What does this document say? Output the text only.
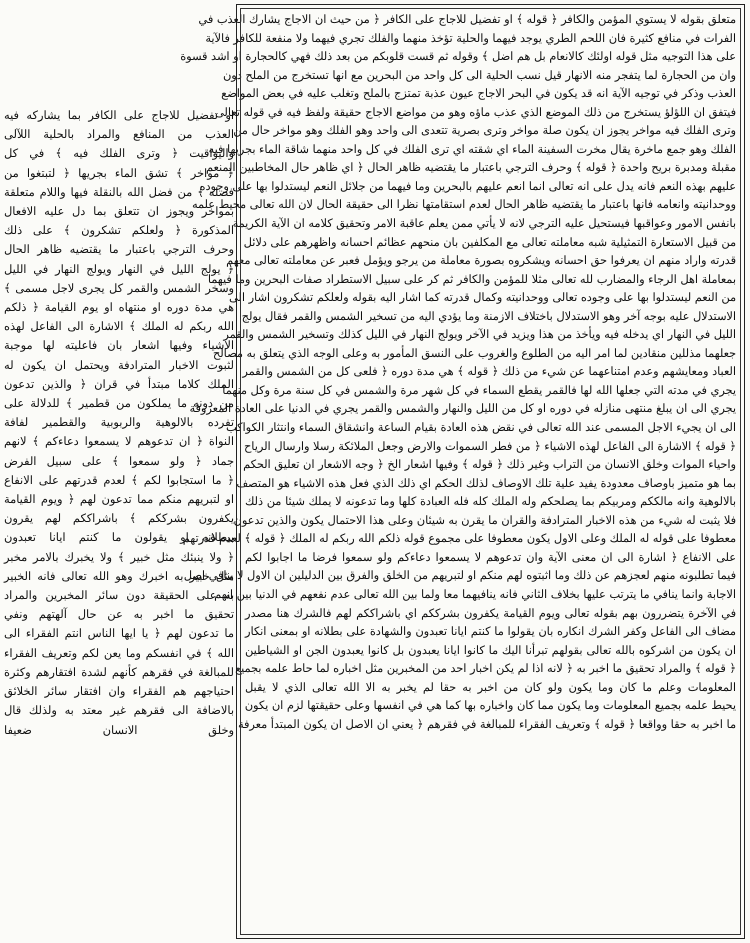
او تفضيل للاجاج على الكافر بما يشاركه فيه
العذب من المنافع والمراد بالحلية اللآلى
واليواقيت ﴿ وترى الفلك فيه ﴾ في كل
﴿ مواخر ﴾ تشق الماء بجريها ﴿ لتبتغوا من
فضله ﴾ من فضل الله بالنقلة فيها واللام متعلقة
بمواخر ويجوز ان تتعلق بما دل عليه الافعال
المذكورة ﴿ ولعلكم تشكرون ﴾ على ذلك
وحرف الترجي باعتبار ما يقتضيه ظاهر الحال
﴿ يولج الليل في النهار ويولج النهار في الليل
وسخر الشمس والقمر كل يجرى لاجل مسمى ﴾
هي مدة دوره او منتهاه او يوم القيامة ﴿ ذلكم
الله ربكم له الملك ﴾ الاشارة الى الفاعل لهذه
الاشياء وفيها اشعار بان فاعليته لها موجبة
لثبوت الاخبار المترادفة ويحتمل ان يكون له
الملك كلاما مبتدأ في قران ﴿ والذين تدعون
من دونه ما يملكون من قطمير ﴾ للدلالة على
تفرده بالالوهية والربوبية والقطمير لفافة
النواة ﴿ ان تدعوهم لا يسمعوا دعاءكم ﴾ لانهم
جماد ﴿ ولو سمعوا ﴾ على سبيل الفرض
﴿ ما استجابوا لكم ﴾ لعدم قدرتهم على الانفاع
او لتبريهم منكم مما تدعون لهم ﴿ ويوم القيامة
يكفرون بشرككم ﴾ باشراككم لهم يقرون
ببطلانه او يقولون ما كنتم ايانا تعبدون
﴿ ولا ينبئك مثل خبير ﴾ ولا يخبرك بالامر مخبر
مثل خبير به اخبرك وهو الله تعالى فانه الخبير
به على الحقيقة دون سائر المخبرين والمراد
تحقيق ما اخبر به عن حال آلهتهم ونفي
ما تدعون لهم ﴿ يا ايها الناس انتم الفقراء الى
الله ﴾ في انفسكم وما يعن لكم وتعريف الفقراء
للمبالغة في فقرهم كأنهم لشدة افتقارهم وكثرة
احتياجهم هم الفقراء وان افتقار سائر الخلائق
بالاضافة الى فقرهم غير معتد به ولذلك قال
وخلق الانسان ضعيفا
متعلق بقوله لا يستوي المؤمن والكافر ﴿ قوله ﴾ او تفضيل للاجاج على الكافر ﴿ من حيث ان الاجاج يشارك العذب في
الفرات في منافع كثيرة فان اللحم الطري يوجد فيهما والحلية تؤخذ منهما والفلك تجري فيهما ولا منفعة للكافر فالآية
على هذا التوجيه مثل قوله اولئك كالانعام بل هم اضل ﴾ وقوله ثم قست قلوبكم من بعد ذلك فهي كالحجارة او اشد قسوة
وان من الحجارة لما يتفجر منه الانهار قيل نسب الحلية الى كل واحد من البحرين مع انها تستخرج من الملح دون
العذب وذكر في توجيه الآية انه قد يكون في البحر الاجاج عيون عذبة تمتزج بالملح وتغلب عليه في بعض المواضع
فيتفق ان اللؤلؤ يستخرج من ذلك الموضع الذي عذب ماؤه وهو من مواضع الاجاج حقيقة ولفظ فيه في قوله تعالى
وترى الفلك فيه مواخر يجوز ان يكون صلة مواخر وترى بصرية تتعدى الى واحد وهو الفلك وهو مواخر حال من
الفلك وهو جمع ماخرة يقال مخرت السفينة الماء اي شقته اي ترى الفلك في كل واحد منهما شاقة الماء بجريها فيه
مقبلة ومدبرة بريح واحدة ﴿ قوله ﴾ وحرف الترجي باعتبار ما يقتضيه ظاهر الحال ﴿ اي ظاهر حال المخاطبين المنعم
عليهم بهذه النعم فانه يدل على انه تعالى انما انعم عليهم بالبحرين وما فيهما من جلائل النعم ليستدلوا بها على وجوده
ووحدانيته وانعامه فانها باعتبار ما يقتضيه ظاهر الحال لعدم استقامتها نظرا الى حقيقة الحال لان الله تعالى محيط علمه
بانفس الامور وعواقبها فيستحيل عليه الترجي لانه لا يأتي ممن يعلم عاقبة الامر وتحقيق كلامه ان الآية الكريمة
من قبيل الاستعارة التمثيلية شبه معاملته تعالى مع المكلفين بان منحهم عظائم احسانه واظهرهم على دلائل
قدرته واراد منهم ان يعرفوا حق احسانه ويشكروه بصورة معاملة من يرجو ويؤمل فعبر عن معاملته تعالى معهم
بمعاملة اهل الرجاء والمضارب لله تعالى مثلا للمؤمن والكافر ثم كر على سبيل الاستطراد صفات البحرين وما فيهما
من النعم ليستدلوا بها على وجوده تعالى ووحدانيته وكمال قدرته كما اشار اليه بقوله ولعلكم تشكرون اشار الى
الاستدلال عليه بوجه آخر وهو الاستدلال باختلاف الازمنة وما يؤدي اليه من تسخير الشمس والقمر فقال يولج
الليل في النهار اي يدخله فيه ويأخذ من هذا ويزيد في الآخر ويولج النهار في الليل كذلك وتسخير الشمس والقمر
جعلهما مذللين منقادين لما امر اليه من الطلوع والغروب على النسق المأمور به وعلى الوجه الذي يتعلق به مصالح
العباد ومعايشهم وعدم امتناعهما عن شيء من ذلك ﴿ قوله ﴾ هي مدة دوره ﴿ فلعى كل من الشمس والقمر
يجري في مدته التي جعلها الله لها فالقمر يقطع السماء في كل شهر مرة والشمس في كل سنة مرة وكل منهما
يجري الى ان يبلغ منتهى منازله في دوره او كل من الليل والنهار والشمس والقمر يجري في الدنيا على العادة المعروفة
الى ان يجيء الاجل المسمى عند الله تعالى في نقض هذه العادة بقيام الساعة وانشقاق السماء وانتثار الكواكب
﴿ قوله ﴾ الاشارة الى الفاعل لهذه الاشياء ﴿ من فطر السموات والارض وجعل الملائكة رسلا وارسال الرياح
واحياء الموات وخلق الانسان من التراب وغير ذلك ﴿ قوله ﴾ وفيها اشعار الخ ﴿ وجه الاشعار ان تعليق الحكم
بما هو متميز باوصاف معدودة يفيد علية تلك الاوصاف لذلك الحكم اي ذلك الذي فعل هذه الاشياء هو المتصف
بالالوهية وانه مالككم ومربيكم بما يصلحكم وله الملك كله فله العبادة كلها وما تدعونه لا يملك شيئا من ذلك
فلا يثبت له شيء من هذه الاخبار المترادفة والقران ما يقرن به شيئان وعلى هذا الاحتمال يكون والذين تدعون
معطوفا على قوله له الملك وعلى الاول يكون معطوفا على مجموع قوله ذلكم الله ربكم له الملك ﴿ قوله ﴾ لعدم قدرتهم
على الانفاع ﴿ اشارة الى ان معنى الآية وان تدعوهم لا يسمعوا دعاءكم ولو سمعوا فرضا ما اجابوا لكم
فيما تطلبونه منهم لعجزهم عن ذلك وما اثبتوه لهم منكم او لتبريهم من الخلق والفرق بين الدليلين ان الاول لا ينافي اصل
الاجابة وانما ينافي ما يترتب عليها بخلاف الثاني فانه ينافيهما معا ولما بين الله تعالى عدم نفعهم في الدنيا بين انهم
في الآخرة يتضررون بهم بقوله تعالى ويوم القيامة يكفرون بشرككم اي باشراككم لهم فالشرك هنا مصدر
مضاف الى الفاعل وكفر الشرك انكاره بان يقولوا ما كنتم ايانا تعبدون والشهادة على بطلانه او بمعنى انكار
ان يكون من اشركوه بالله تعالى بقولهم تبرأنا اليك ما كانوا ايانا يعبدون بل كانوا يعبدون الجن او الشياطين
﴿ قوله ﴾ والمراد تحقيق ما اخبر به ﴿ لانه اذا لم يكن اخبار احد من المخبرين مثل اخباره لما حاط علمه بجميع
المعلومات وعلم ما كان وما يكون ولو كان من اخبر به حقا لم يخبر به الا الله تعالى الذي لا يقبل
يحيط علمه بجميع المعلومات وما يكون مما كان واخباره بها كما هي في انفسها وعلى حقيقتها لزم ان يكون
ما اخبر به حقا وواقعا ﴿ قوله ﴾ وتعريف الفقراء للمبالغة في فقرهم ﴿ يعني ان الاصل ان يكون المبتدأ معرفة
